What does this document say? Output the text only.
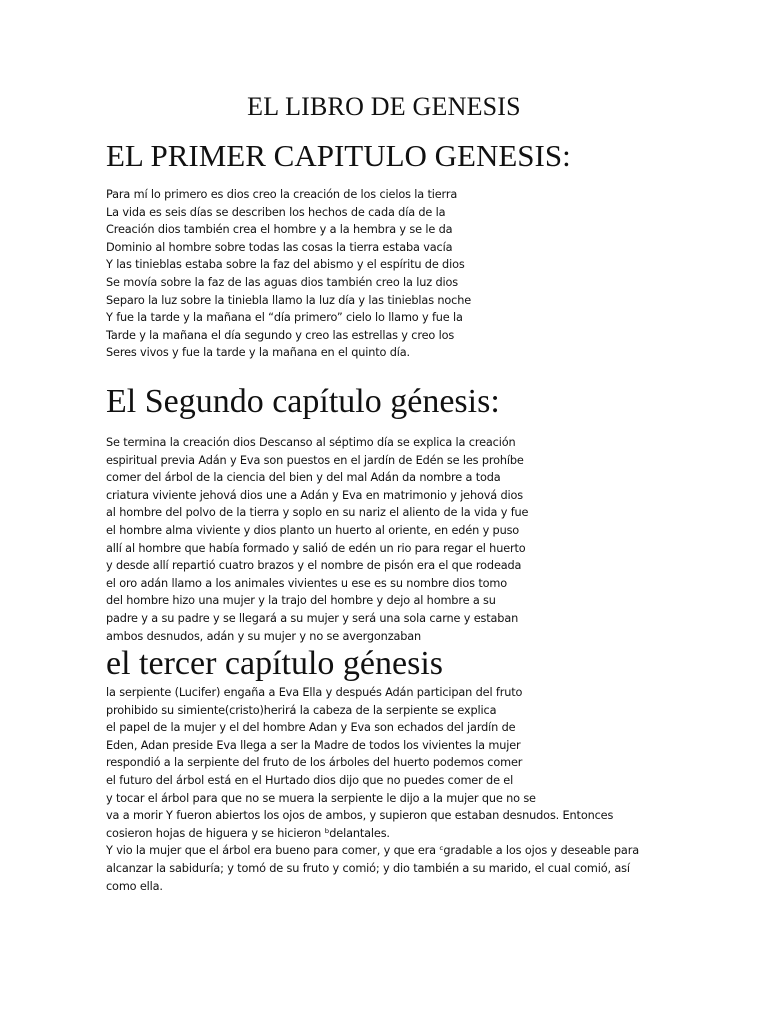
EL LIBRO DE GENESIS
EL PRIMER CAPITULO GENESIS:
Para mí lo primero es dios creo la creación de los cielos la tierra
La vida es seis días se describen los hechos de cada día de la
Creación dios también crea el hombre y a la hembra y se le da
Dominio al hombre sobre todas las cosas la tierra estaba vacía
Y las tinieblas estaba sobre la faz del abismo y el espíritu de dios
Se movía sobre la faz de las aguas dios también creo la luz dios
Separo la luz sobre la tiniebla llamo la luz día y las tinieblas noche
Y fue la tarde y la mañana el “día primero” cielo lo llamo y fue la
Tarde y la mañana el día segundo y creo las estrellas y creo los
Seres vivos y fue la tarde y la mañana en el quinto día.
El Segundo capítulo génesis:
Se termina la creación dios Descanso al séptimo día se explica la creación
espiritual previa Adán y Eva son puestos en el jardín de Edén se les prohíbe
comer del árbol de la ciencia del bien y del mal Adán da nombre a toda
criatura viviente jehová dios une a Adán y Eva en matrimonio y jehová dios
al hombre del polvo de la tierra y soplo en su nariz el aliento de la vida y fue
el hombre alma viviente y dios planto un huerto al oriente, en edén y puso
allí al hombre que había formado y salió de edén un rio para regar el huerto
y desde allí repartió cuatro brazos y el nombre de pisón era el que rodeada
el oro adán llamo a los animales vivientes u ese es su nombre dios tomo
del hombre hizo una mujer y la trajo del hombre y dejo al hombre a su
padre y a su padre y se llegará a su mujer y será una sola carne y estaban
ambos desnudos, adán y su mujer y no se avergonzaban
el tercer capítulo génesis
la serpiente (Lucifer) engaña a Eva Ella y después Adán participan del fruto
prohibido su simiente(cristo)herirá la cabeza de la serpiente se explica
el papel de la mujer y el del hombre Adan y Eva son echados del jardín de
Eden, Adan preside Eva llega a ser la Madre de todos los vivientes la mujer
respondió a la serpiente del fruto de los árboles del huerto podemos comer
el futuro del árbol está en el Hurtado dios dijo que no puedes comer de el
y tocar el árbol para que no se muera la serpiente le dijo a la mujer que no se
va a morir Y fueron abiertos los ojos de ambos, y supieron que estaban desnudos. Entonces
cosieron hojas de higuera y se hicieron ᵇdelantales.
Y vio la mujer que el árbol era bueno para comer, y que era ᶜgradable a los ojos y deseable para
alcanzar la sabiduría; y tomó de su fruto y comió; y dio también a su marido, el cual comió, así
como ella.
